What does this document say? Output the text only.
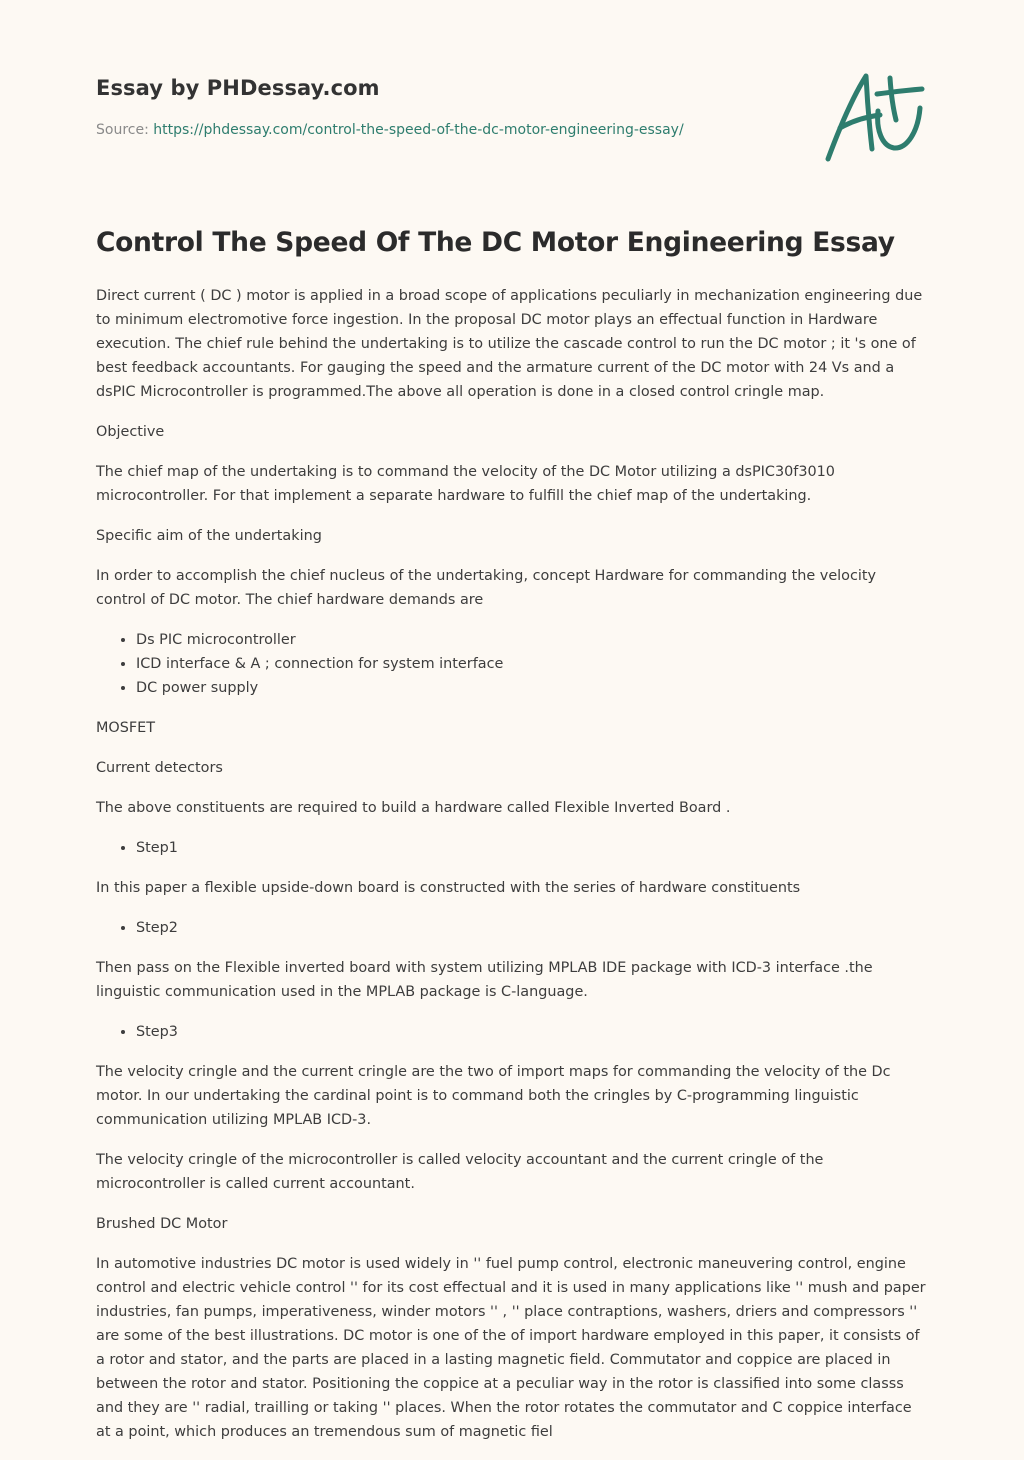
Essay by PHDessay.com
Source: https://phdessay.com/control-the-speed-of-the-dc-motor-engineering-essay/
Control The Speed Of The DC Motor Engineering Essay

Direct current ( DC ) motor is applied in a broad scope of applications peculiarly in mechanization engineering due to minimum electromotive force ingestion. In the proposal DC motor plays an effectual function in Hardware execution. The chief rule behind the undertaking is to utilize the cascade control to run the DC motor ; it 's one of best feedback accountants. For gauging the speed and the armature current of the DC motor with 24 Vs and a dsPIC Microcontroller is programmed.The above all operation is done in a closed control cringle map.

Objective

The chief map of the undertaking is to command the velocity of the DC Motor utilizing a dsPIC30f3010 microcontroller. For that implement a separate hardware to fulfill the chief map of the undertaking.

Specific aim of the undertaking

In order to accomplish the chief nucleus of the undertaking, concept Hardware for commanding the velocity control of DC motor. The chief hardware demands are

• Ds PIC microcontroller
• ICD interface & A ; connection for system interface
• DC power supply

MOSFET

Current detectors

The above constituents are required to build a hardware called Flexible Inverted Board .

• Step1

In this paper a flexible upside-down board is constructed with the series of hardware constituents

• Step2

Then pass on the Flexible inverted board with system utilizing MPLAB IDE package with ICD-3 interface .the linguistic communication used in the MPLAB package is C-language.

• Step3

The velocity cringle and the current cringle are the two of import maps for commanding the velocity of the Dc motor. In our undertaking the cardinal point is to command both the cringles by C-programming linguistic communication utilizing MPLAB ICD-3.

The velocity cringle of the microcontroller is called velocity accountant and the current cringle of the microcontroller is called current accountant.

Brushed DC Motor

In automotive industries DC motor is used widely in '' fuel pump control, electronic maneuvering control, engine control and electric vehicle control '' for its cost effectual and it is used in many applications like '' mush and paper industries, fan pumps, imperativeness, winder motors '' , '' place contraptions, washers, driers and compressors '' are some of the best illustrations. DC motor is one of the of import hardware employed in this paper, it consists of a rotor and stator, and the parts are placed in a lasting magnetic field. Commutator and coppice are placed in between the rotor and stator. Positioning the coppice at a peculiar way in the rotor is classified into some classs and they are '' radial, trailling or taking '' places. When the rotor rotates the commutator and C coppice interface at a point, which produces an tremendous sum of magnetic fiel
